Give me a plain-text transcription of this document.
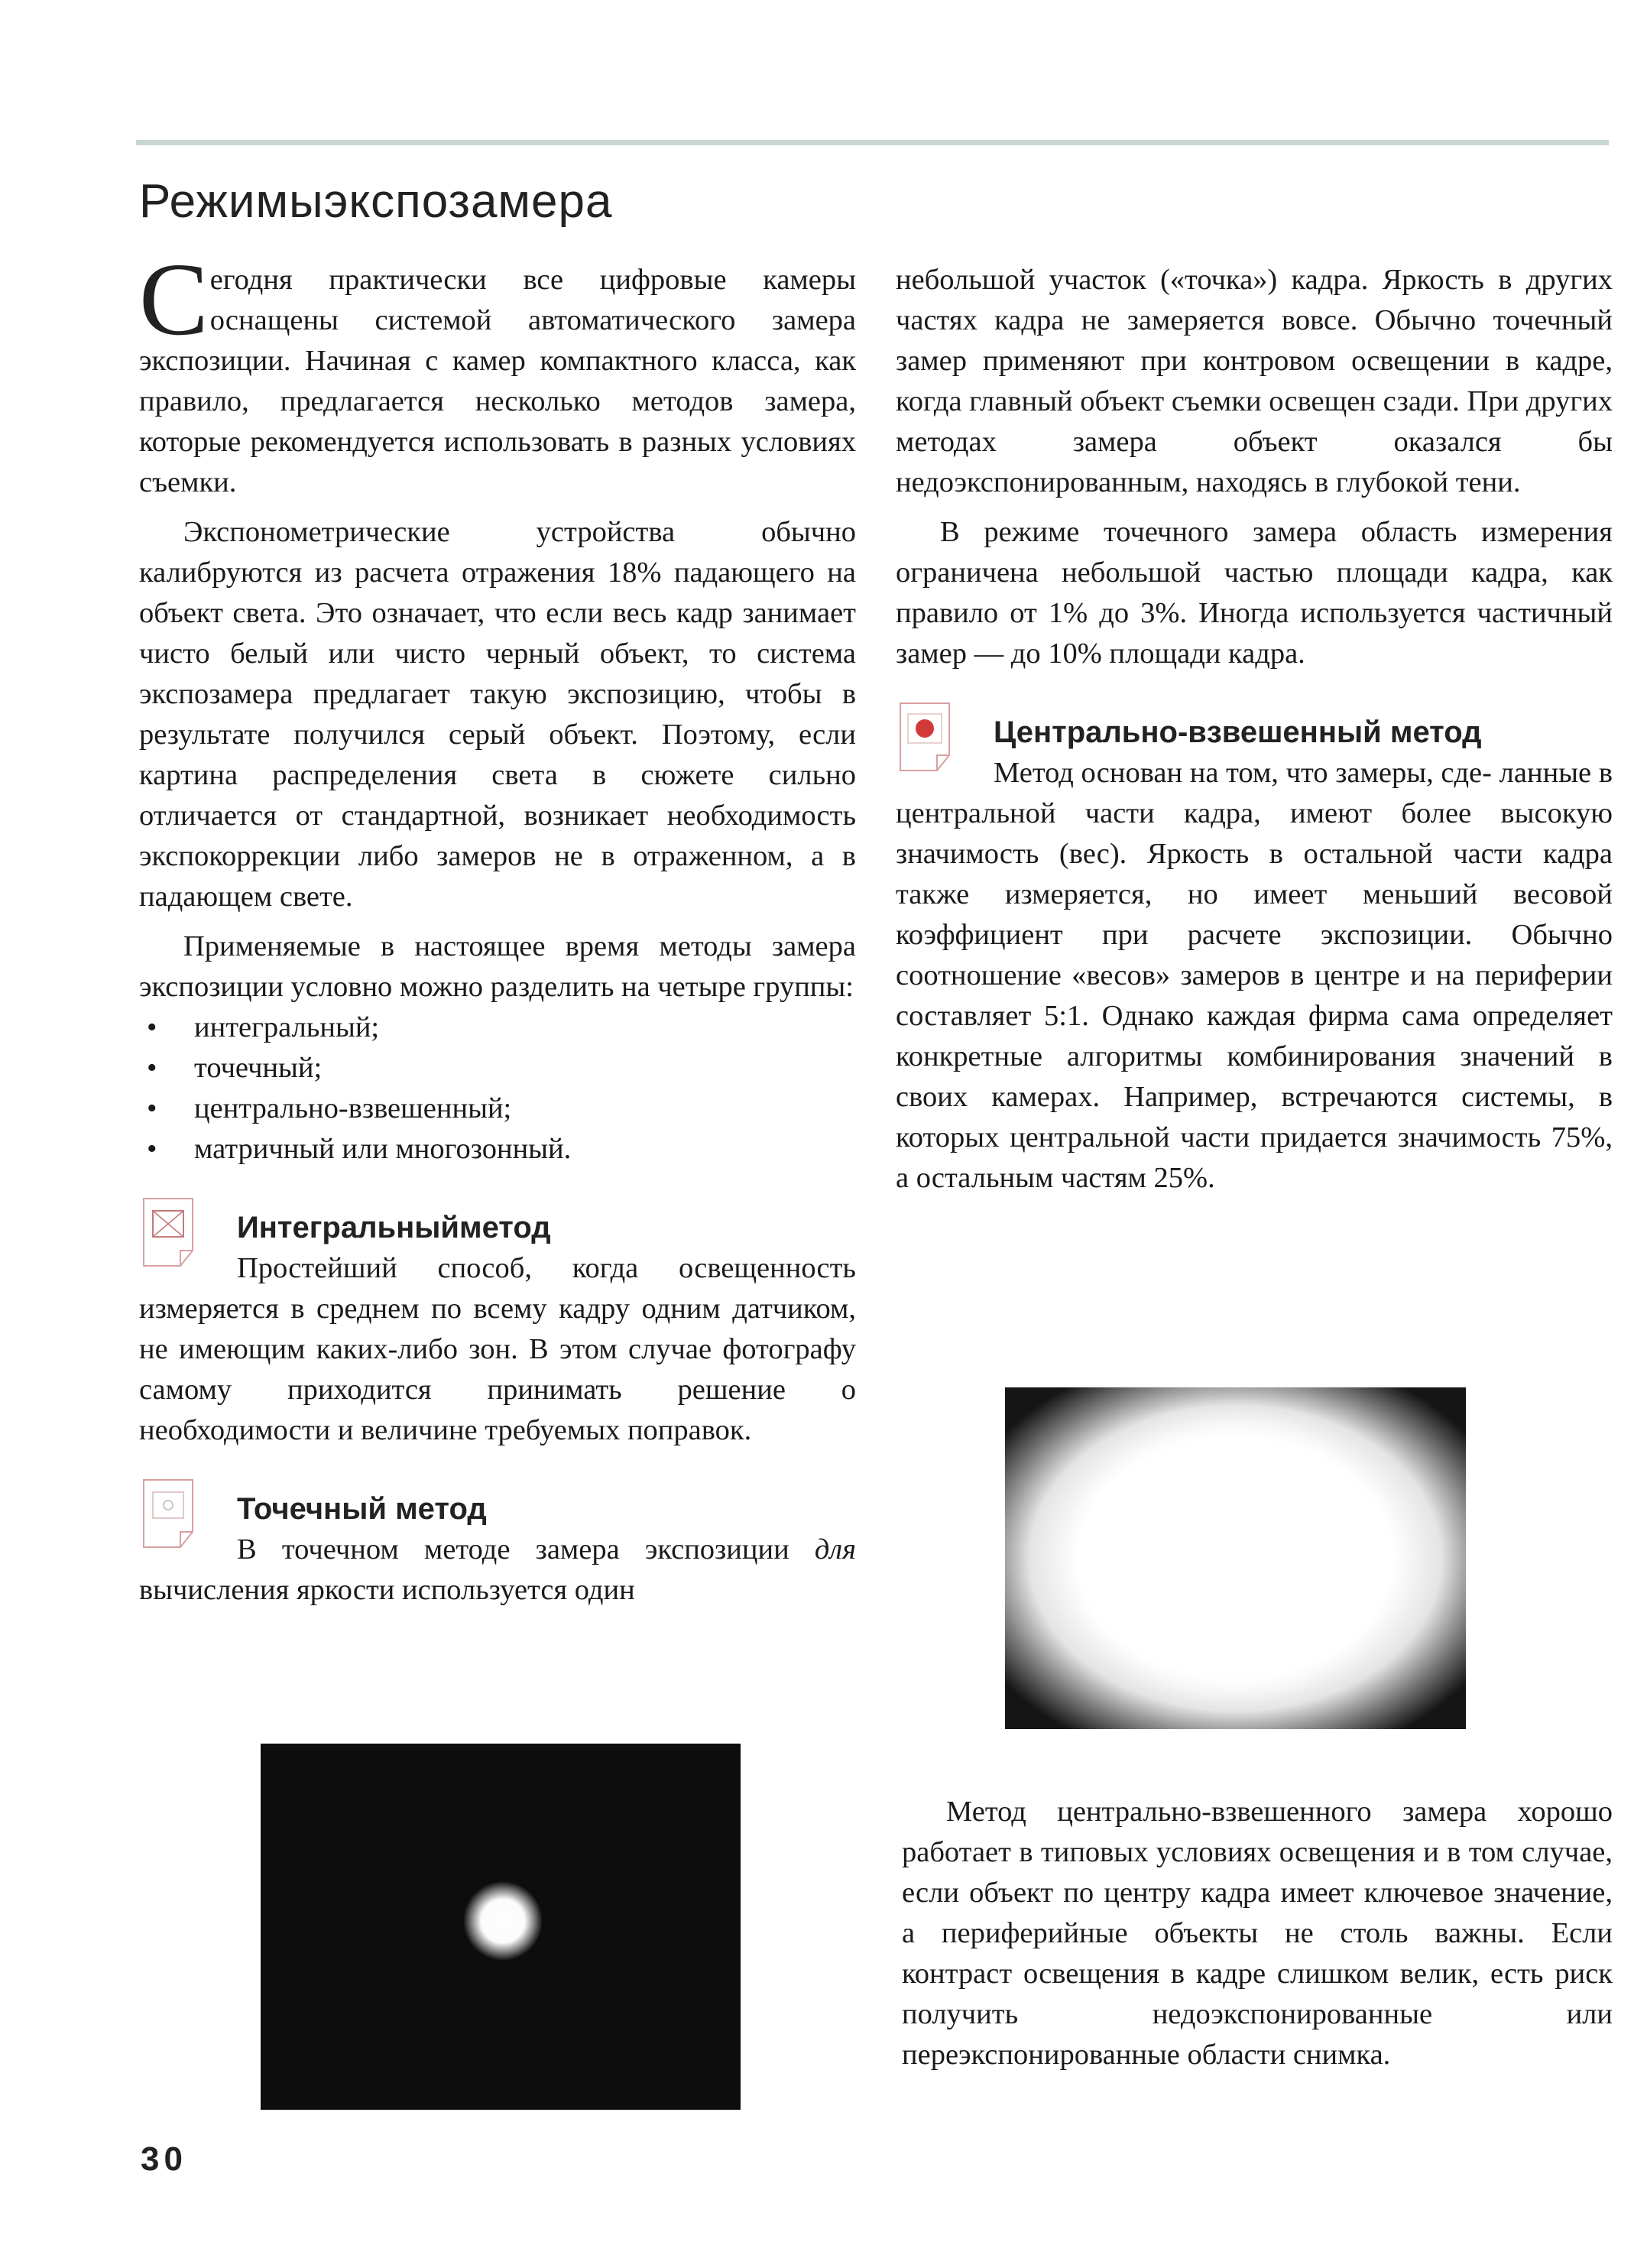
Режимыэкспозамера

Сегодня практически все цифровые камеры оснащены системой автоматического замера экспозиции. Начиная с камер компактного класса, как правило, предлагается несколько методов замера, которые рекомендуется использовать в разных условиях съемки.

Экспонометрические устройства обычно калибруются из расчета отражения 18% падающего на объект света. Это означает, что если весь кадр занимает чисто белый или чисто черный объект, то система экспозамера предлагает такую экспозицию, чтобы в результате получился серый объект. Поэтому, если картина распределения света в сюжете сильно отличается от стандартной, возникает необходимость экспокоррекции либо замеров не в отраженном, а в падающем свете.

Применяемые в настоящее время методы замера экспозиции условно можно разделить на четыре группы:

• интегральный;
• точечный;
• центрально-взвешенный;
• матричный или многозонный.
Интегральныйметод

Простейший способ, когда освещенность измеряется в среднем по всему кадру одним датчиком, не имеющим каких-либо зон. В этом случае фотографу самому приходится принимать решение о необходимости и величине требуемых поправок.

Точечный метод

В точечном методе замера экспозиции для вычисления яркости используется один

небольшой участок («точка») кадра. Яркость в других частях кадра не замеряется вовсе. Обычно точечный замер применяют при контровом освещении в кадре, когда главный объект съемки освещен сзади. При других методах замера объект оказался бы недоэкспонированным, находясь в глубокой тени.

В режиме точечного замера область измерения ограничена небольшой частью площади кадра, как правило от 1% до 3%. Иногда используется частичный замер — до 10% площади кадра.

Центрально-взвешенный метод

Метод основан на том, что замеры, сде- ланные в центральной части кадра, имеют более высокую значимость (вес). Яркость в остальной части кадра также измеряется, но имеет меньший весовой коэффициент при расчете экспозиции. Обычно соотношение «весов» замеров в центре и на периферии составляет 5:1. Однако каждая фирма сама определяет конкретные алгоритмы комбинирования значений в своих камерах. Например, встречаются системы, в которых центральной части придается значимость 75%, а остальным частям 25%.

Метод центрально-взвешенного замера хорошо работает в типовых условиях освещения и в том случае, если объект по центру кадра имеет ключевое значение, а периферийные объекты не столь важны. Если контраст освещения в кадре слишком велик, есть риск получить недоэкспонированные или переэкспонированные области снимка.

30
